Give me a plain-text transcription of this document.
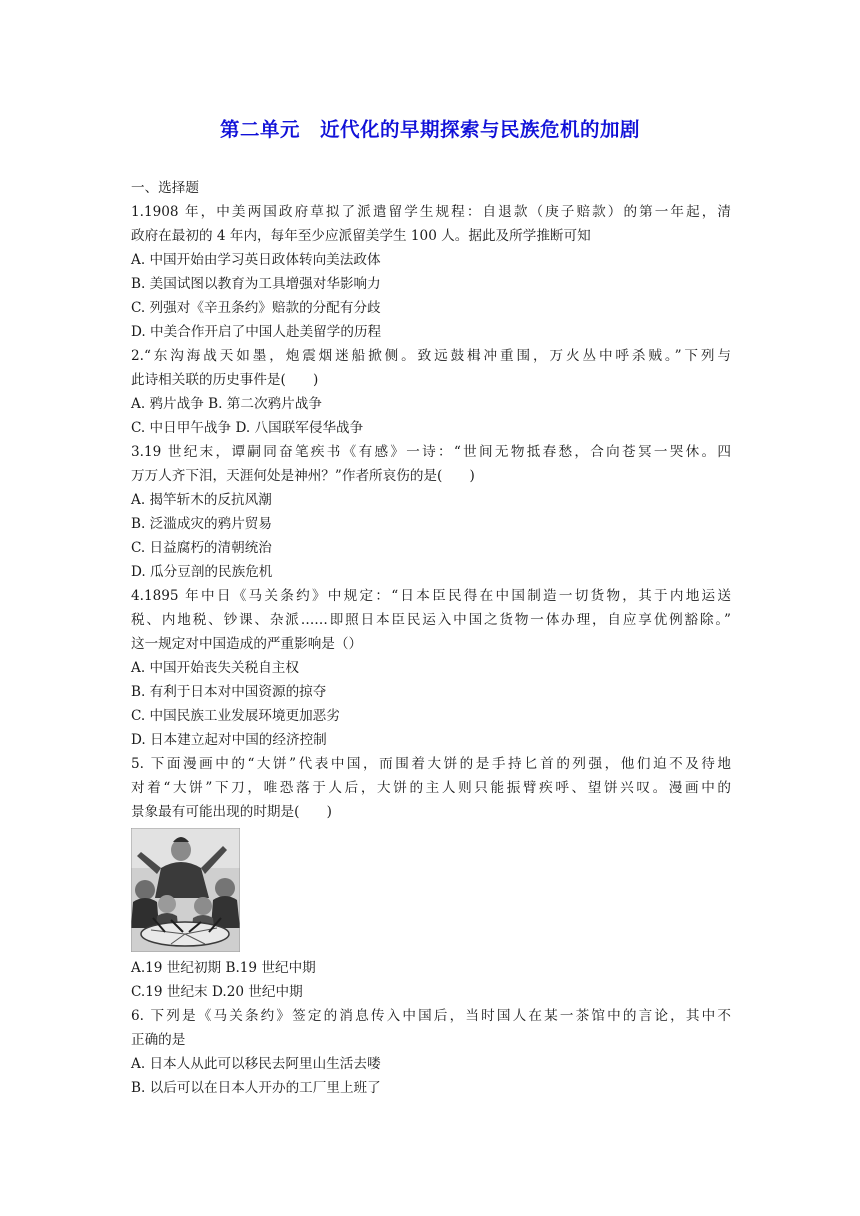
第二单元　近代化的早期探索与民族危机的加剧
一、选择题
1.1908 年，中美两国政府草拟了派遣留学生规程：自退款（庚子赔款）的第一年起，清
政府在最初的 4 年内，每年至少应派留美学生 100 人。据此及所学推断可知
A. 中国开始由学习英日政体转向美法政体
B. 美国试图以教育为工具增强对华影响力
C. 列强对《辛丑条约》赔款的分配有分歧
D. 中美合作开启了中国人赴美留学的历程
2.“东沟海战天如墨，炮震烟迷船掀侧。致远鼓楫冲重围，万火丛中呼杀贼。”下列与
此诗相关联的历史事件是(　　)
A. 鸦片战争 B. 第二次鸦片战争
C. 中日甲午战争 D. 八国联军侵华战争
3.19 世纪末，谭嗣同奋笔疾书《有感》一诗：“世间无物抵春愁，合向苍冥一哭休。四
万万人齐下泪，天涯何处是神州？”作者所哀伤的是(　　)
A. 揭竿斩木的反抗风潮
B. 泛滥成灾的鸦片贸易
C. 日益腐朽的清朝统治
D. 瓜分豆剖的民族危机
4.1895 年中日《马关条约》中规定：“日本臣民得在中国制造一切货物，其于内地运送
税、内地税、钞课、杂派……即照日本臣民运入中国之货物一体办理，自应享优例豁除。”
这一规定对中国造成的严重影响是（）
A. 中国开始丧失关税自主权
B. 有利于日本对中国资源的掠夺
C. 中国民族工业发展环境更加恶劣
D. 日本建立起对中国的经济控制
5. 下面漫画中的“大饼”代表中国，而围着大饼的是手持匕首的列强，他们迫不及待地
对着“大饼”下刀，唯恐落于人后，大饼的主人则只能振臂疾呼、望饼兴叹。漫画中的
景象最有可能出现的时期是(　　)
A.19 世纪初期 B.19 世纪中期
C.19 世纪末 D.20 世纪中期
6. 下列是《马关条约》签定的消息传入中国后，当时国人在某一茶馆中的言论，其中不
正确的是
A. 日本人从此可以移民去阿里山生活去喽
B. 以后可以在日本人开办的工厂里上班了
